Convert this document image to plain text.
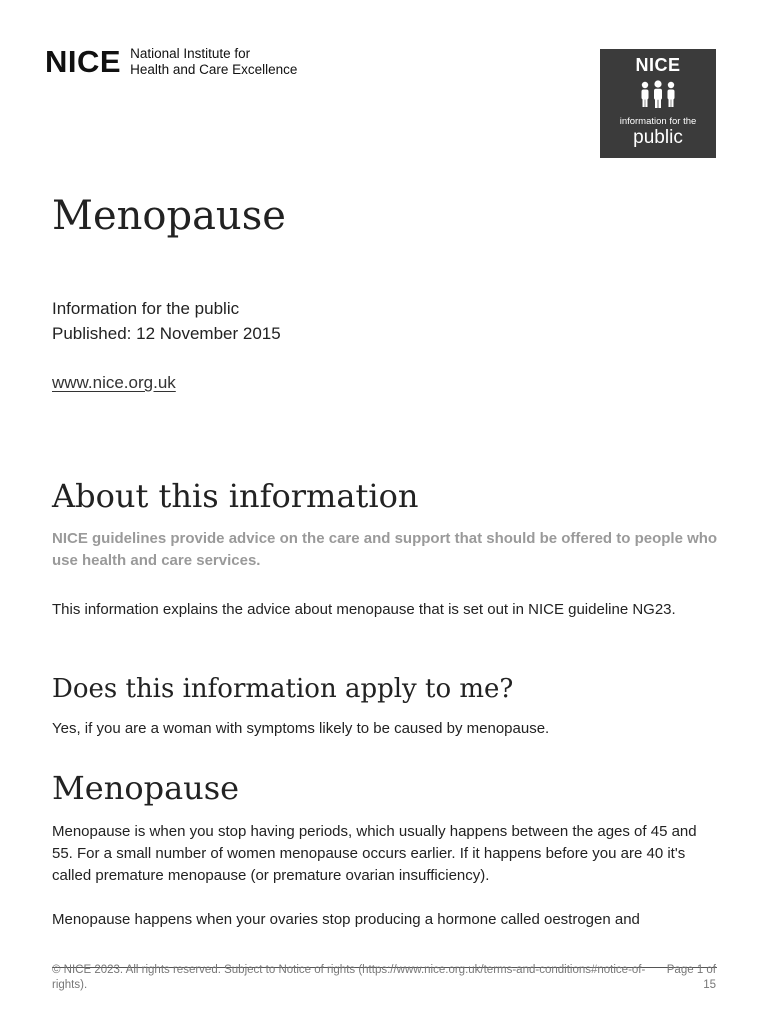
NICE National Institute for
Health and Care Excellence	NICE
information for the
public
Menopause
Information for the public
Published: 12 November 2015
www.nice.org.uk
About this information
NICE guidelines provide advice on the care and support that should be offered to people who use health and care services.

This information explains the advice about menopause that is set out in NICE guideline NG23.

Does this information apply to me?

Yes, if you are a woman with symptoms likely to be caused by menopause.

Menopause

Menopause is when you stop having periods, which usually happens between the ages of 45 and 55. For a small number of women menopause occurs earlier. If it happens before you are 40 it's called premature menopause (or premature ovarian insufficiency).

Menopause happens when your ovaries stop producing a hormone called oestrogen and

© NICE 2023. All rights reserved. Subject to Notice of rights (https://www.nice.org.uk/terms-and-conditions#notice-of-rights).
Page 1 of 15
